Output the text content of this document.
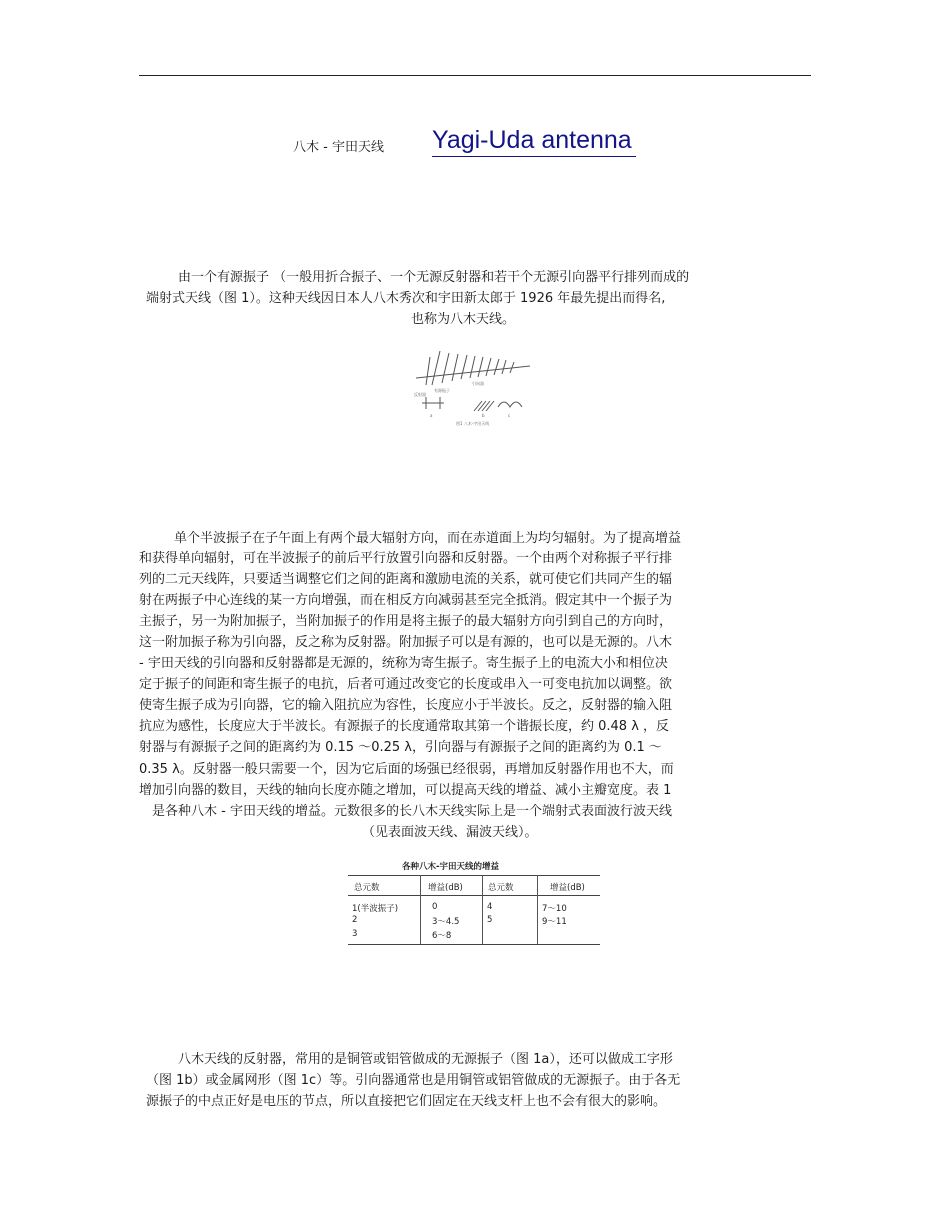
八木 - 宇田天线 Yagi-Uda antenna
由一个有源振子 （一般用折合振子、一个无源反射器和若干个无源引向器平行排列而成的
端射式天线（图 1）。这种天线因日本人八木秀次和宇田新太郎于 1926 年最先提出而得名,
也称为八木天线。
引向器
有源振子
反射器
a	b	c
图1 八木-宇田天线
单个半波振子在子午面上有两个最大辐射方向，而在赤道面上为均匀辐射。为了提高增益
和获得单向辐射，可在半波振子的前后平行放置引向器和反射器。一个由两个对称振子平行排
列的二元天线阵，只要适当调整它们之间的距离和激励电流的关系，就可使它们共同产生的辐
射在两振子中心连线的某一方向增强，而在相反方向减弱甚至完全抵消。假定其中一个振子为
主振子，另一为附加振子，当附加振子的作用是将主振子的最大辐射方向引到自己的方向时，
这一附加振子称为引向器，反之称为反射器。附加振子可以是有源的，也可以是无源的。八木
- 宇田天线的引向器和反射器都是无源的，统称为寄生振子。寄生振子上的电流大小和相位决
定于振子的间距和寄生振子的电抗，后者可通过改变它的长度或串入一可变电抗加以调整。欲
使寄生振子成为引向器，它的输入阻抗应为容性，长度应小于半波长。反之，反射器的输入阻
抗应为感性，长度应大于半波长。有源振子的长度通常取其第一个谐振长度，约 0.48 λ ，反
射器与有源振子之间的距离约为 0.15 ～0.25 λ，引向器与有源振子之间的距离约为 0.1 ～
0.35 λ。反射器一般只需要一个，因为它后面的场强已经很弱，再增加反射器作用也不大，而
增加引向器的数目，天线的轴向长度亦随之增加，可以提高天线的增益、减小主瓣宽度。表 1
是各种八木 - 宇田天线的增益。元数很多的长八木天线实际上是一个端射式表面波行波天线
（见表面波天线、漏波天线）。
各种八木-宇田天线的增益
总元数	增益(dB)	总元数	增益(dB)
1(半波振子)	0	4	7～10
2	3～4.5	5	9～11
3	6～8
八木天线的反射器，常用的是铜管或铝管做成的无源振子（图 1a），还可以做成工字形
（图 1b）或金属网形（图 1c）等。引向器通常也是用铜管或铝管做成的无源振子。由于各无
源振子的中点正好是电压的节点，所以直接把它们固定在天线支杆上也不会有很大的影响。
